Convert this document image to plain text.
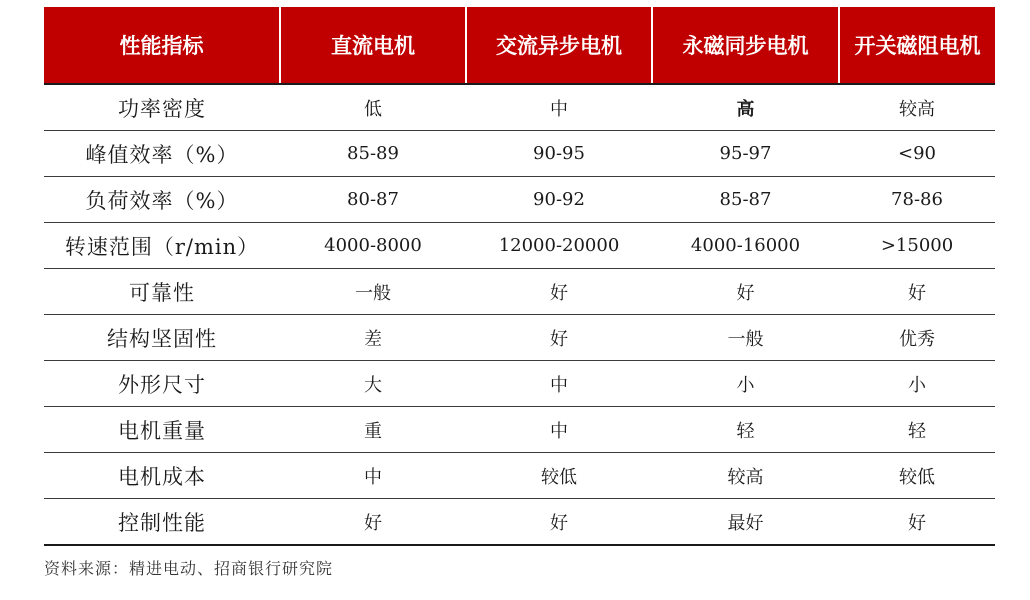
性能指标	直流电机	交流异步电机	永磁同步电机	开关磁阻电机
功率密度	低	中	高	较高
峰值效率（%）	85-89	90-95	95-97	<90
负荷效率（%）	80-87	90-92	85-87	78-86
转速范围（r/min）	4000-8000	12000-20000	4000-16000	>15000
可靠性	一般	好	好	好
结构坚固性	差	好	一般	优秀
外形尺寸	大	中	小	小
电机重量	重	中	轻	轻
电机成本	中	较低	较高	较低
控制性能	好	好	最好	好
资料来源：精进电动、招商银行研究院
